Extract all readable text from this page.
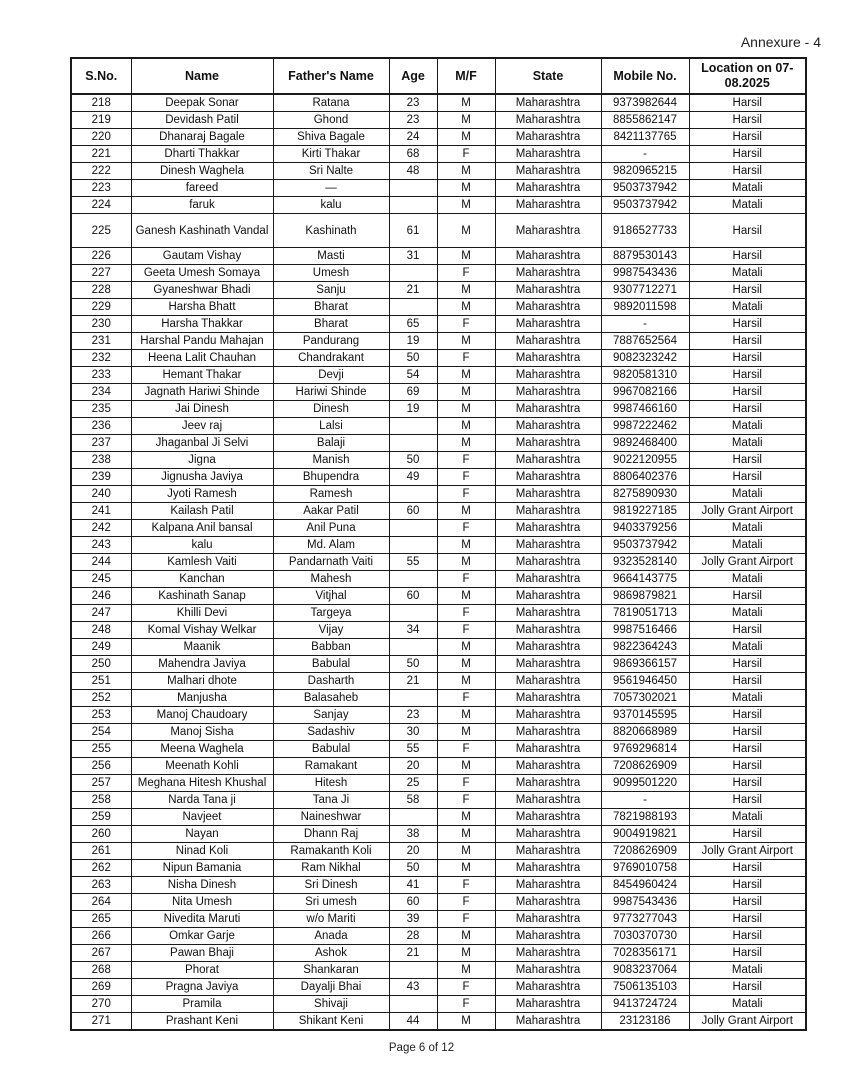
Annexure - 4
S.No.	Name	Father's Name	Age	M/F	State	Mobile No.	Location on 07-08.2025
218	Deepak Sonar	Ratana	23	M	Maharashtra	9373982644	Harsil
219	Devidash Patil	Ghond	23	M	Maharashtra	8855862147	Harsil
220	Dhanaraj Bagale	Shiva Bagale	24	M	Maharashtra	8421137765	Harsil
221	Dharti Thakkar	Kirti Thakar	68	F	Maharashtra	-	Harsil
222	Dinesh Waghela	Sri Nalte	48	M	Maharashtra	9820965215	Harsil
223	fareed	—		M	Maharashtra	9503737942	Matali
224	faruk	kalu		M	Maharashtra	9503737942	Matali
225	Ganesh Kashinath Vandal	Kashinath	61	M	Maharashtra	9186527733	Harsil
226	Gautam Vishay	Masti	31	M	Maharashtra	8879530143	Harsil
227	Geeta Umesh Somaya	Umesh		F	Maharashtra	9987543436	Matali
228	Gyaneshwar Bhadi	Sanju	21	M	Maharashtra	9307712271	Harsil
229	Harsha Bhatt	Bharat		M	Maharashtra	9892011598	Matali
230	Harsha Thakkar	Bharat	65	F	Maharashtra	-	Harsil
231	Harshal Pandu Mahajan	Pandurang	19	M	Maharashtra	7887652564	Harsil
232	Heena Lalit Chauhan	Chandrakant	50	F	Maharashtra	9082323242	Harsil
233	Hemant Thakar	Devji	54	M	Maharashtra	9820581310	Harsil
234	Jagnath Hariwi Shinde	Hariwi Shinde	69	M	Maharashtra	9967082166	Harsil
235	Jai Dinesh	Dinesh	19	M	Maharashtra	9987466160	Harsil
236	Jeev raj	Lalsi		M	Maharashtra	9987222462	Matali
237	Jhaganbal Ji Selvi	Balaji		M	Maharashtra	9892468400	Matali
238	Jigna	Manish	50	F	Maharashtra	9022120955	Harsil
239	Jignusha Javiya	Bhupendra	49	F	Maharashtra	8806402376	Harsil
240	Jyoti Ramesh	Ramesh		F	Maharashtra	8275890930	Matali
241	Kailash Patil	Aakar Patil	60	M	Maharashtra	9819227185	Jolly Grant Airport
242	Kalpana Anil bansal	Anil Puna		F	Maharashtra	9403379256	Matali
243	kalu	Md. Alam		M	Maharashtra	9503737942	Matali
244	Kamlesh Vaiti	Pandarnath Vaiti	55	M	Maharashtra	9323528140	Jolly Grant Airport
245	Kanchan	Mahesh		F	Maharashtra	9664143775	Matali
246	Kashinath Sanap	Vitjhal	60	M	Maharashtra	9869879821	Harsil
247	Khilli Devi	Targeya		F	Maharashtra	7819051713	Matali
248	Komal Vishay Welkar	Vijay	34	F	Maharashtra	9987516466	Harsil
249	Maanik	Babban		M	Maharashtra	9822364243	Matali
250	Mahendra Javiya	Babulal	50	M	Maharashtra	9869366157	Harsil
251	Malhari dhote	Dasharth	21	M	Maharashtra	9561946450	Harsil
252	Manjusha	Balasaheb		F	Maharashtra	7057302021	Matali
253	Manoj Chaudoary	Sanjay	23	M	Maharashtra	9370145595	Harsil
254	Manoj Sisha	Sadashiv	30	M	Maharashtra	8820668989	Harsil
255	Meena Waghela	Babulal	55	F	Maharashtra	9769296814	Harsil
256	Meenath Kohli	Ramakant	20	M	Maharashtra	7208626909	Harsil
257	Meghana Hitesh Khushal	Hitesh	25	F	Maharashtra	9099501220	Harsil
258	Narda Tana ji	Tana Ji	58	F	Maharashtra	-	Harsil
259	Navjeet	Naineshwar		M	Maharashtra	7821988193	Matali
260	Nayan	Dhann Raj	38	M	Maharashtra	9004919821	Harsil
261	Ninad Koli	Ramakanth Koli	20	M	Maharashtra	7208626909	Jolly Grant Airport
262	Nipun Bamania	Ram Nikhal	50	M	Maharashtra	9769010758	Harsil
263	Nisha Dinesh	Sri Dinesh	41	F	Maharashtra	8454960424	Harsil
264	Nita Umesh	Sri umesh	60	F	Maharashtra	9987543436	Harsil
265	Nivedita Maruti	w/o Mariti	39	F	Maharashtra	9773277043	Harsil
266	Omkar Garje	Anada	28	M	Maharashtra	7030370730	Harsil
267	Pawan Bhaji	Ashok	21	M	Maharashtra	7028356171	Harsil
268	Phorat	Shankaran		M	Maharashtra	9083237064	Matali
269	Pragna Javiya	Dayalji Bhai	43	F	Maharashtra	7506135103	Harsil
270	Pramila	Shivaji		F	Maharashtra	9413724724	Matali
271	Prashant Keni	Shikant Keni	44	M	Maharashtra	23123186	Jolly Grant Airport
Page 6 of 12
